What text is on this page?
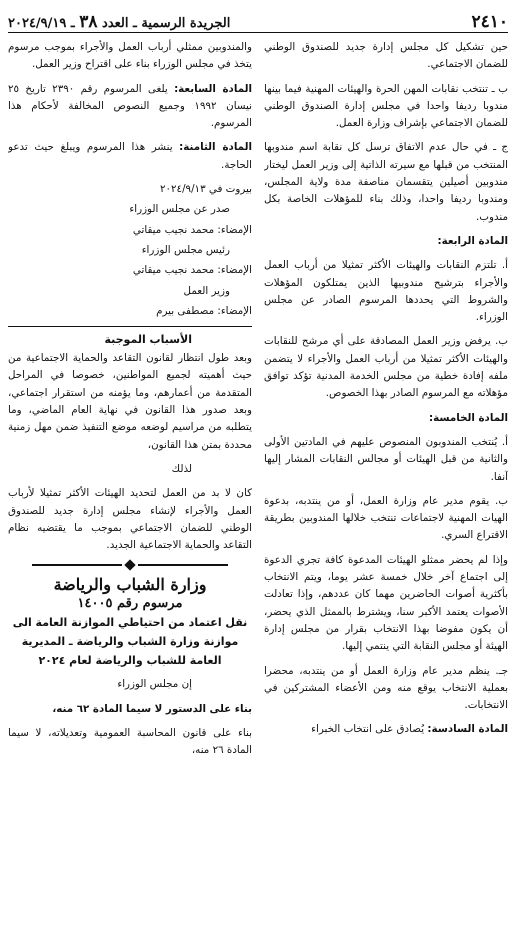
٢٤١٠
الجريدة الرسمية ـ العدد ٣٨ ـ ٢٠٢٤/٩/١٩

حين تشكيل كل مجلس إدارة جديد للصندوق الوطني للضمان الاجتماعي.

ب ـ تنتخب نقابات المهن الحرة والهيئات المهنية فيما بينها مندوبا رديفا واحدا في مجلس إدارة الصندوق الوطني للضمان الاجتماعي بإشراف وزارة العمل.

ج ـ في حال عدم الاتفاق ترسل كل نقابة اسم مندوبها المنتخب من قبلها مع سيرته الذاتية إلى وزير العمل ليختار مندوبين أصيلين يتقسمان مناصفة مدة ولاية المجلس، ومندوبا رديفا واحدا، وذلك بناء للمؤهلات الخاصة بكل مندوب.

المادة الرابعة:

أ. تلتزم النقابات والهيئات الأكثر تمثيلا من أرباب العمل والأجراء بترشيح مندوبيها الذين يمتلكون المؤهلات والشروط التي يحددها المرسوم الصادر عن مجلس الوزراء.

ب. يرفض وزير العمل المصادقة على أي مرشح للنقابات والهيئات الأكثر تمثيلا من أرباب العمل والأجراء لا يتضمن ملفه إفادة خطية من مجلس الخدمة المدنية تؤكد توافق مؤهلاته مع المرسوم الصادر بهذا الخصوص.

المادة الخامسة:

أ. يُنتخب المندوبون المنصوص عليهم في المادتين الأولى والثانية من قبل الهيئات أو مجالس النقابات المشار إليها آنفا.

ب. يقوم مدير عام وزارة العمل، أو من ينتدبه، بدعوة الهيات المهنية لاجتماعات تنتخب خلالها المندوبين بطريقة الاقتراع السري.

وإذا لم يحضر ممثلو الهيئات المدعوة كافة تجري الدعوة إلى اجتماع آخر خلال خمسة عشر يوما، ويتم الانتخاب بأكثرية أصوات الحاضرين مهما كان عددهم، وإذا تعادلت الأصوات يعتمد الأكبر سنا، ويشترط بالممثل الذي يحضر، أن يكون مفوضا بهذا الانتخاب بقرار من مجلس إدارة الهيئة أو مجلس النقابة التي ينتمي إليها.

جـ. ينظم مدير عام وزارة العمل أو من ينتدبه، محضرا بعملية الانتخاب يوقع منه ومن الأعضاء المشتركين في الانتخابات.

المادة السادسة: يُصادق على انتخاب الخبراء

والمندوبين ممثلي أرباب العمل والأجراء بموجب مرسوم يتخذ في مجلس الوزراء بناء على اقتراح وزير العمل.

المادة السابعة: يلغى المرسوم رقم ٢٣٩٠ تاريخ ٢٥ نيسان ١٩٩٢ وجميع النصوص المخالفة لأحكام هذا المرسوم.

المادة الثامنة: ينشر هذا المرسوم ويبلغ حيث تدعو الحاجة.

بيروت في ٢٠٢٤/٩/١٣

صدر عن مجلس الوزراء

الإمضاء: محمد نجيب ميقاتي

رئيس مجلس الوزراء

الإمضاء: محمد نجيب ميقاتي

وزير العمل

الإمضاء: مصطفى بيرم

الأسباب الموجبة

وبعد طول انتظار لقانون التقاعد والحماية الاجتماعية من حيث أهميته لجميع المواطنين، خصوصا في المراحل المتقدمة من أعمارهم، وما يؤمنه من استقرار اجتماعي، وبعد صدور هذا القانون في نهاية العام الماضي، وما يتطلبه من مراسيم لوضعه موضع التنفيذ ضمن مهل زمنية محددة بمتن هذا القانون،

لذلك

كان لا بد من العمل لتحديد الهيئات الأكثر تمثيلا لأرباب العمل والأجراء لإنشاء مجلس إدارة جديد للصندوق الوطني للضمان الاجتماعي بموجب ما يقتضيه نظام التقاعد والحماية الاجتماعية الجديد.

وزارة الشباب والرياضة
مرسوم رقم ١٤٠٠٥
نقل اعتماد من احتياطي الموازنة العامة الى موازنة وزارة الشباب والرياضة ـ المديرية العامة للشباب والرياضة لعام ٢٠٢٤

إن مجلس الوزراء

بناء على الدستور لا سيما المادة ٦٢ منه،

بناء على قانون المحاسبة العمومية وتعديلاته، لا سيما المادة ٢٦ منه،
